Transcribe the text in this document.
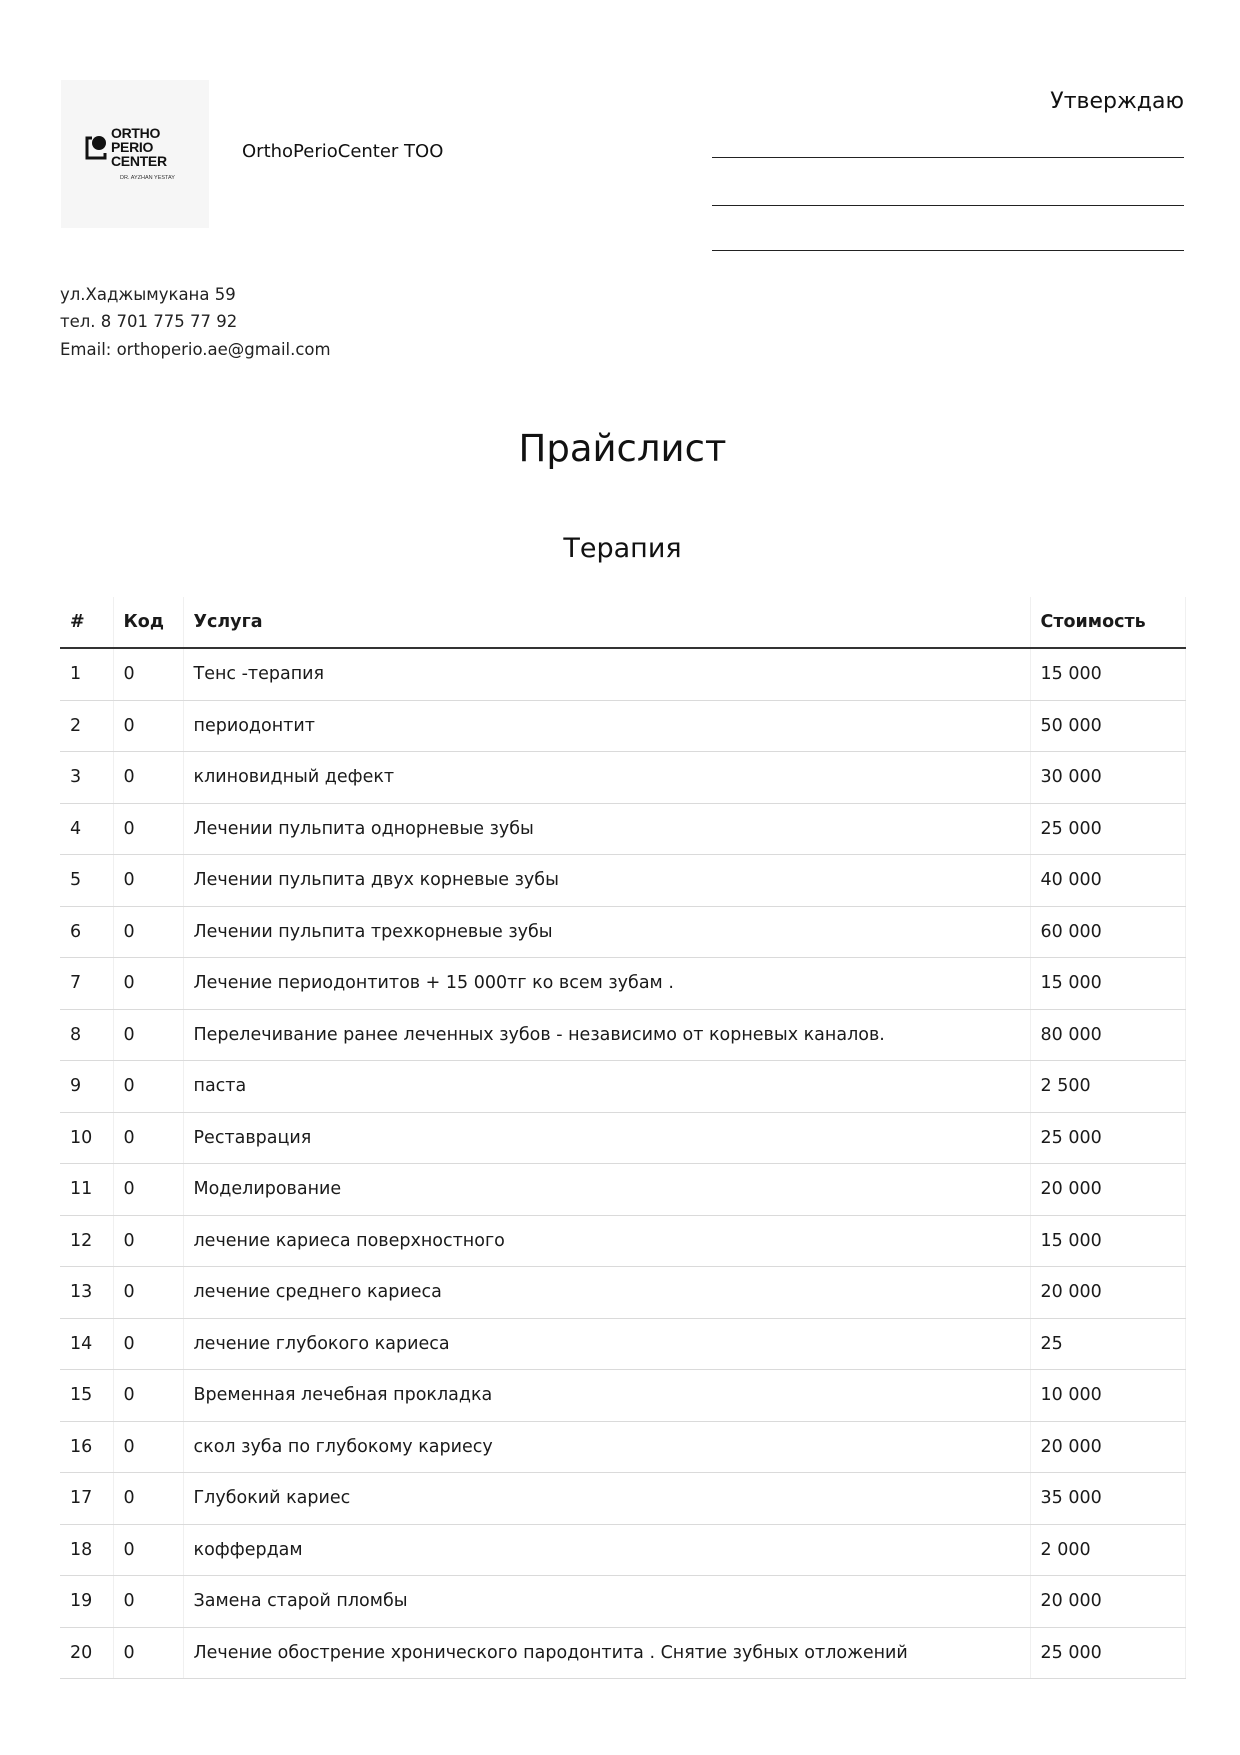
ORTHO
PERIO
CENTER
DR. AYZHAN YESTAY
OrthoPerioCenter ТОО
Утверждаю
ул.Хаджымукана 59
тел. 8 701 775 77 92
Email: orthoperio.ae@gmail.com
Прайслист
Терапия
#	Код	Услуга	Стоимость
1	0	Тенс -терапия	15 000
2	0	периодонтит	50 000
3	0	клиновидный дефект	30 000
4	0	Лечении пульпита однорневые зубы	25 000
5	0	Лечении пульпита двух корневые зубы	40 000
6	0	Лечении пульпита трехкорневые зубы	60 000
7	0	Лечение периодонтитов + 15 000тг ко всем зубам .	15 000
8	0	Перелечивание ранее леченных зубов - независимо от корневых каналов.	80 000
9	0	паста	2 500
10	0	Реставрация	25 000
11	0	Моделирование	20 000
12	0	лечение кариеса поверхностного	15 000
13	0	лечение среднего кариеса	20 000
14	0	лечение глубокого кариеса	25
15	0	Временная лечебная прокладка	10 000
16	0	скол зуба по глубокому кариесу	20 000
17	0	Глубокий кариес	35 000
18	0	коффердам	2 000
19	0	Замена старой пломбы	20 000
20	0	Лечение обострение хронического пародонтита . Снятие зубных отложений	25 000
